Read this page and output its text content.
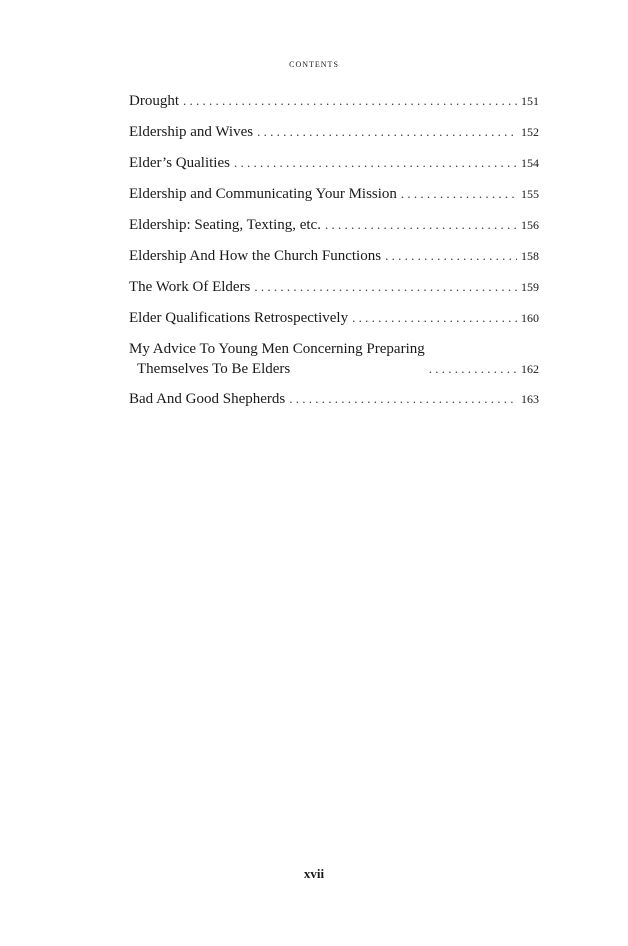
contents
Drought . . .	151
Eldership and Wives . . .	152
Elder’s Qualities . . .	154
Eldership and Communicating Your Mission . . .	155
Eldership: Seating, Texting, etc. . . .	156
Eldership And How the Church Functions . . .	158
The Work Of Elders . . .	159
Elder Qualifications Retrospectively . . .	160
My Advice To Young Men Concerning Preparing
Themselves To Be Elders . . .	162
Bad And Good Shepherds . . .	163
xvii
